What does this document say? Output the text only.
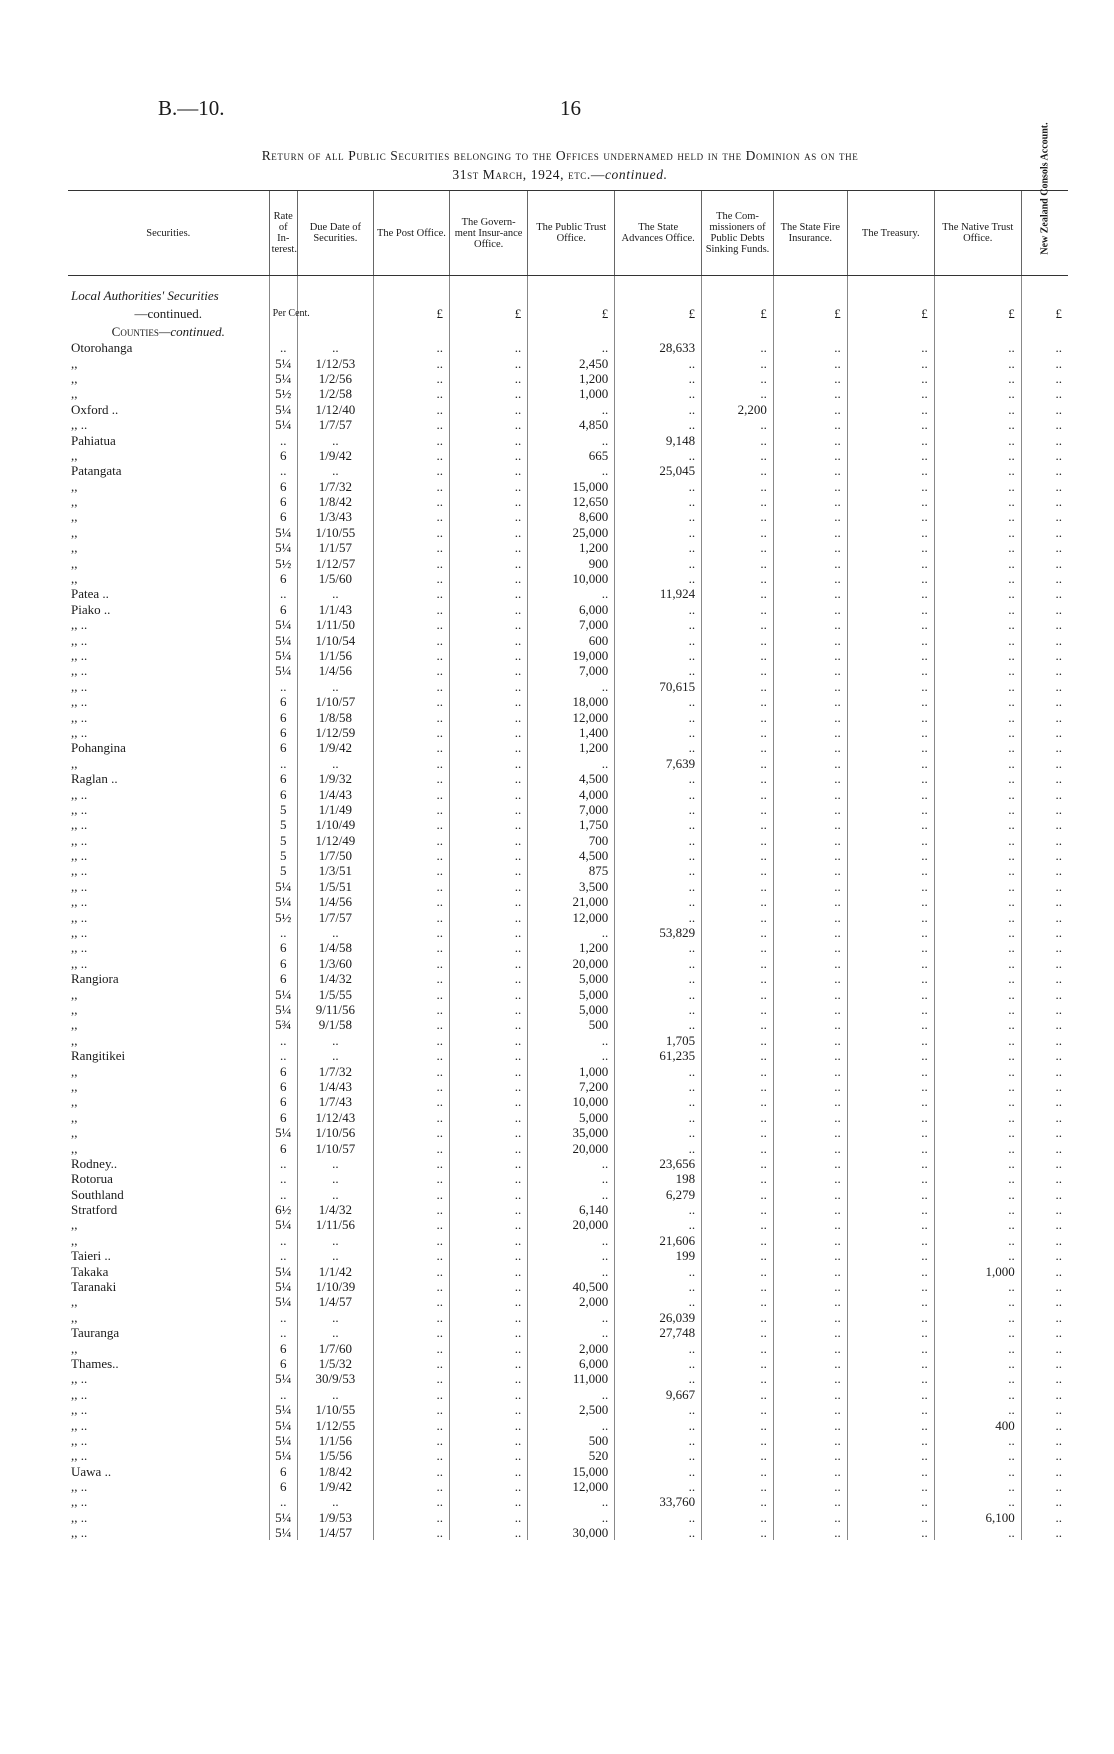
B.—10.	16
Return of all Public Securities belonging to the Offices undernamed held in the Dominion as on the
31st March, 1924, etc.—continued.
Securities.	Rate of In-terest.	Due Date of Securities.	The Post Office.	The Govern-ment Insur-ance Office.	The Public Trust Office.	The State Advances Office.	The Com-missioners of Public Debts Sinking Funds.	The State Fire Insurance.	The Treasury.	The Native Trust Office.	New Zealand Consols Account.

Local Authorities' Securities											
—continued.	Per Cent.		£	£	£	£	£	£	£	£	£
Counties—continued.											
Otorohanga	..	..	..	..	..	28,633	..	..	..	..	..
,,	5¼	1/12/53	..	..	2,450	..	..	..	..	..	..
,,	5¼	1/2/56	..	..	1,200	..	..	..	..	..	..
,,	5½	1/2/58	..	..	1,000	..	..	..	..	..	..
Oxford ..	5¼	1/12/40	..	..	..	..	2,200	..	..	..	..
,, ..	5¼	1/7/57	..	..	4,850	..	..	..	..	..	..
Pahiatua	..	..	..	..	..	9,148	..	..	..	..	..
,,	6	1/9/42	..	..	665	..	..	..	..	..	..
Patangata	..	..	..	..	..	25,045	..	..	..	..	..
,,	6	1/7/32	..	..	15,000	..	..	..	..	..	..
,,	6	1/8/42	..	..	12,650	..	..	..	..	..	..
,,	6	1/3/43	..	..	8,600	..	..	..	..	..	..
,,	5¼	1/10/55	..	..	25,000	..	..	..	..	..	..
,,	5¼	1/1/57	..	..	1,200	..	..	..	..	..	..
,,	5½	1/12/57	..	..	900	..	..	..	..	..	..
,,	6	1/5/60	..	..	10,000	..	..	..	..	..	..
Patea ..	..	..	..	..	..	11,924	..	..	..	..	..
Piako ..	6	1/1/43	..	..	6,000	..	..	..	..	..	..
,, ..	5¼	1/11/50	..	..	7,000	..	..	..	..	..	..
,, ..	5¼	1/10/54	..	..	600	..	..	..	..	..	..
,, ..	5¼	1/1/56	..	..	19,000	..	..	..	..	..	..
,, ..	5¼	1/4/56	..	..	7,000	..	..	..	..	..	..
,, ..	..	..	..	..	..	70,615	..	..	..	..	..
,, ..	6	1/10/57	..	..	18,000	..	..	..	..	..	..
,, ..	6	1/8/58	..	..	12,000	..	..	..	..	..	..
,, ..	6	1/12/59	..	..	1,400	..	..	..	..	..	..
Pohangina	6	1/9/42	..	..	1,200	..	..	..	..	..	..
,,	..	..	..	..	..	7,639	..	..	..	..	..
Raglan ..	6	1/9/32	..	..	4,500	..	..	..	..	..	..
,, ..	6	1/4/43	..	..	4,000	..	..	..	..	..	..
,, ..	5	1/1/49	..	..	7,000	..	..	..	..	..	..
,, ..	5	1/10/49	..	..	1,750	..	..	..	..	..	..
,, ..	5	1/12/49	..	..	700	..	..	..	..	..	..
,, ..	5	1/7/50	..	..	4,500	..	..	..	..	..	..
,, ..	5	1/3/51	..	..	875	..	..	..	..	..	..
,, ..	5¼	1/5/51	..	..	3,500	..	..	..	..	..	..
,, ..	5¼	1/4/56	..	..	21,000	..	..	..	..	..	..
,, ..	5½	1/7/57	..	..	12,000	..	..	..	..	..	..
,, ..	..	..	..	..	..	53,829	..	..	..	..	..
,, ..	6	1/4/58	..	..	1,200	..	..	..	..	..	..
,, ..	6	1/3/60	..	..	20,000	..	..	..	..	..	..
Rangiora	6	1/4/32	..	..	5,000	..	..	..	..	..	..
,,	5¼	1/5/55	..	..	5,000	..	..	..	..	..	..
,,	5¼	9/11/56	..	..	5,000	..	..	..	..	..	..
,,	5¾	9/1/58	..	..	500	..	..	..	..	..	..
,,	..	..	..	..	..	1,705	..	..	..	..	..
Rangitikei	..	..	..	..	..	61,235	..	..	..	..	..
,,	6	1/7/32	..	..	1,000	..	..	..	..	..	..
,,	6	1/4/43	..	..	7,200	..	..	..	..	..	..
,,	6	1/7/43	..	..	10,000	..	..	..	..	..	..
,,	6	1/12/43	..	..	5,000	..	..	..	..	..	..
,,	5¼	1/10/56	..	..	35,000	..	..	..	..	..	..
,,	6	1/10/57	..	..	20,000	..	..	..	..	..	..
Rodney..	..	..	..	..	..	23,656	..	..	..	..	..
Rotorua	..	..	..	..	..	198	..	..	..	..	..
Southland	..	..	..	..	..	6,279	..	..	..	..	..
Stratford	6½	1/4/32	..	..	6,140	..	..	..	..	..	..
,,	5¼	1/11/56	..	..	20,000	..	..	..	..	..	..
,,	..	..	..	..	..	21,606	..	..	..	..	..
Taieri ..	..	..	..	..	..	199	..	..	..	..	..
Takaka	5¼	1/1/42	..	..	..	..	..	..	..	1,000	..
Taranaki	5¼	1/10/39	..	..	40,500	..	..	..	..	..	..
,,	5¼	1/4/57	..	..	2,000	..	..	..	..	..	..
,,	..	..	..	..	..	26,039	..	..	..	..	..
Tauranga	..	..	..	..	..	27,748	..	..	..	..	..
,,	6	1/7/60	..	..	2,000	..	..	..	..	..	..
Thames..	6	1/5/32	..	..	6,000	..	..	..	..	..	..
,, ..	5¼	30/9/53	..	..	11,000	..	..	..	..	..	..
,, ..	..	..	..	..	..	9,667	..	..	..	..	..
,, ..	5¼	1/10/55	..	..	2,500	..	..	..	..	..	..
,, ..	5¼	1/12/55	..	..	..	..	..	..	..	400	..
,, ..	5¼	1/1/56	..	..	500	..	..	..	..	..	..
,, ..	5¼	1/5/56	..	..	520	..	..	..	..	..	..
Uawa ..	6	1/8/42	..	..	15,000	..	..	..	..	..	..
,, ..	6	1/9/42	..	..	12,000	..	..	..	..	..	..
,, ..	..	..	..	..	..	33,760	..	..	..	..	..
,, ..	5¼	1/9/53	..	..	..	..	..	..	..	6,100	..
,, ..	5¼	1/4/57	..	..	30,000	..	..	..	..	..	..
